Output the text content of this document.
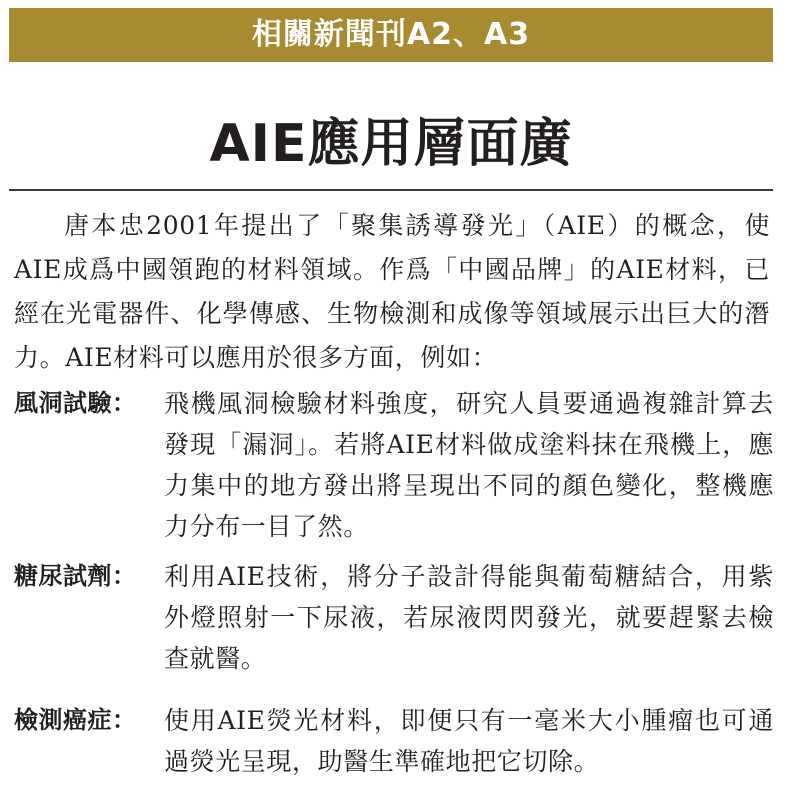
相關新聞刊A2、A3
AIE應用層面廣

唐本忠2001年提出了「聚集誘導發光」（AIE）的概念，使AIE成爲中國領跑的材料領域。作爲「中國品牌」的AIE材料，已經在光電器件、化學傳感、生物檢測和成像等領域展示出巨大的潛力。AIE材料可以應用於很多方面，例如：

風洞試驗：	飛機風洞檢驗材料強度，研究人員要通過複雜計算去發現「漏洞」。若將AIE材料做成塗料抹在飛機上，應力集中的地方發出將呈現出不同的顏色變化，整機應力分布一目了然。
糖尿試劑：	利用AIE技術，將分子設計得能與葡萄糖結合，用紫外燈照射一下尿液，若尿液閃閃發光，就要趕緊去檢查就醫。
檢測癌症：	使用AIE熒光材料，即便只有一毫米大小腫瘤也可通過熒光呈現，助醫生準確地把它切除。
